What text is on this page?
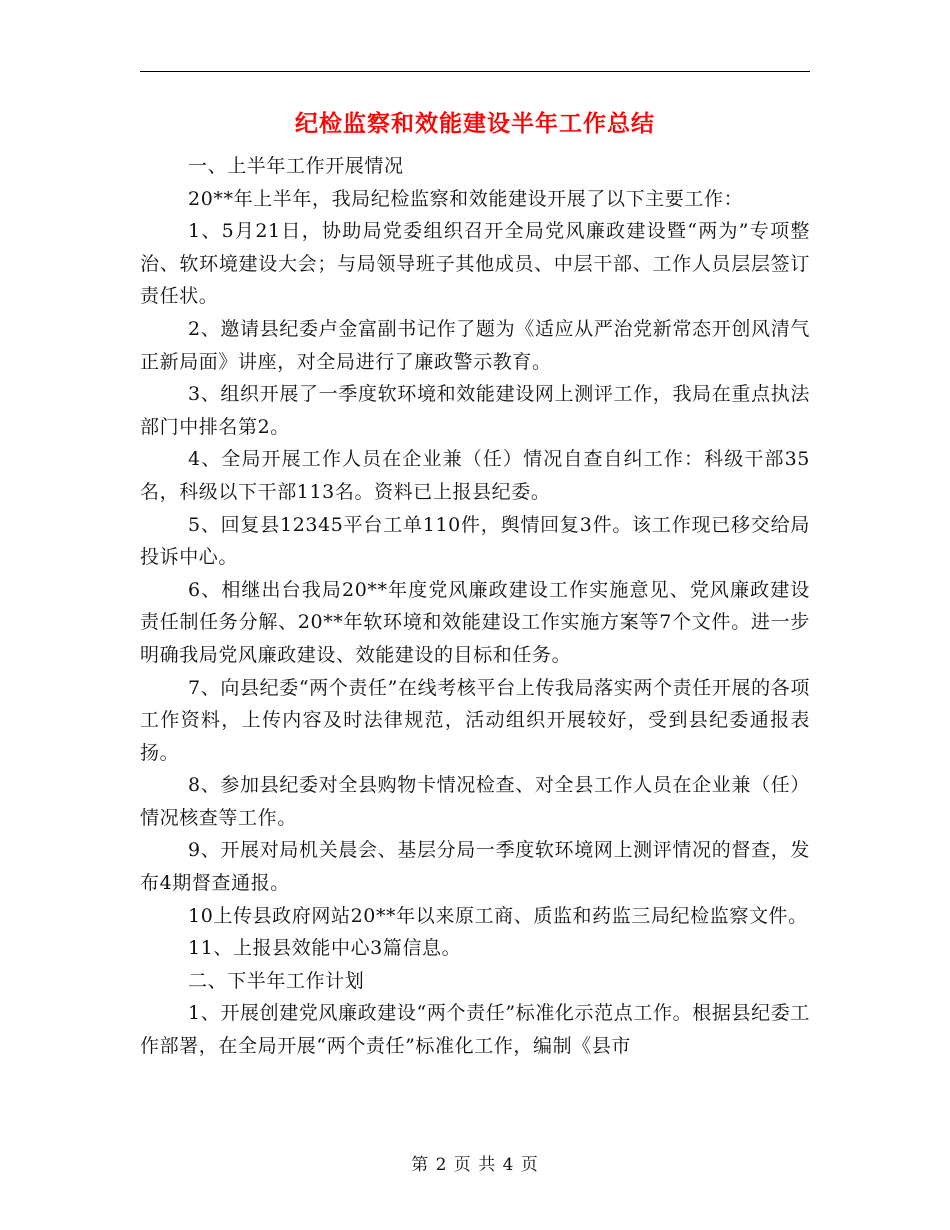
纪检监察和效能建设半年工作总结

一、上半年工作开展情况

20**年上半年，我局纪检监察和效能建设开展了以下主要工作：

1、5月21日，协助局党委组织召开全局党风廉政建设暨“两为”专项整治、软环境建设大会；与局领导班子其他成员、中层干部、工作人员层层签订责任状。

2、邀请县纪委卢金富副书记作了题为《适应从严治党新常态开创风清气正新局面》讲座，对全局进行了廉政警示教育。

3、组织开展了一季度软环境和效能建设网上测评工作，我局在重点执法部门中排名第2。

4、全局开展工作人员在企业兼（任）情况自查自纠工作：科级干部35名，科级以下干部113名。资料已上报县纪委。

5、回复县12345平台工单110件，舆情回复3件。该工作现已移交给局投诉中心。

6、相继出台我局20**年度党风廉政建设工作实施意见、党风廉政建设责任制任务分解、20**年软环境和效能建设工作实施方案等7个文件。进一步明确我局党风廉政建设、效能建设的目标和任务。

7、向县纪委“两个责任”在线考核平台上传我局落实两个责任开展的各项工作资料，上传内容及时法律规范，活动组织开展较好，受到县纪委通报表扬。

8、参加县纪委对全县购物卡情况检查、对全县工作人员在企业兼（任）情况核查等工作。

9、开展对局机关晨会、基层分局一季度软环境网上测评情况的督查，发布4期督查通报。

10上传县政府网站20**年以来原工商、质监和药监三局纪检监察文件。

11、上报县效能中心3篇信息。

二、下半年工作计划

1、开展创建党风廉政建设“两个责任”标准化示范点工作。根据县纪委工作部署，在全局开展“两个责任”标准化工作，编制《县市

第 2 页 共 4 页
